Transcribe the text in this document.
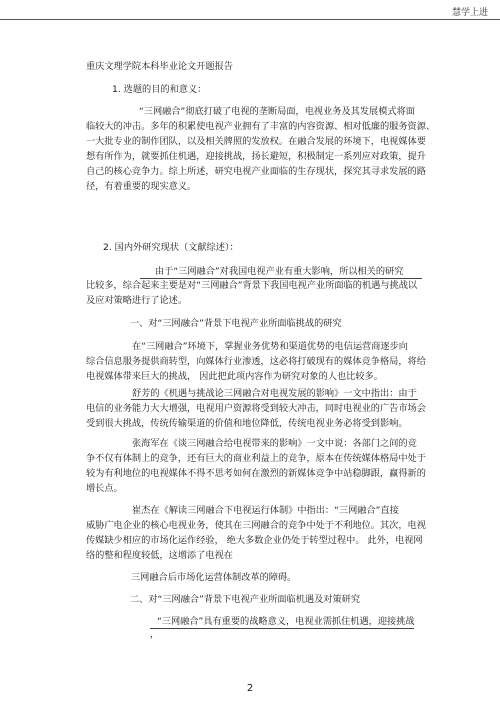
慧学上进
重庆文理学院本科毕业论文开题报告
1. 选题的目的和意义：
“三网融合”彻底打破了电视的垄断局面，电视业务及其发展模式将面
临较大的冲击。多年的积累使电视产业拥有了丰富的内容资源、相对低廉的服务资源、
一大批专业的制作团队，以及相关牌照的发放权。在融合发展的环境下，电视媒体要
想有所作为，就要抓住机遇，迎接挑战，扬长避短，积极制定一系列应对政策，提升
自己的核心竞争力。综上所述，研究电视产业面临的生存现状，探究其寻求发展的路
径，有着重要的现实意义。
2. 国内外研究现状（文献综述）：
由于“三网融合”对我国电视产业有重大影响，所以相关的研究
比较多，综合起来主要是对“三网融合”背景下我国电视产业所面临的机遇与挑战以
及应对策略进行了论述。
一、对“三网融合”背景下电视产业所面临挑战的研究
在“三网融合”环境下，掌握业务优势和渠道优势的电信运营商逐步向
综合信息服务提供商转型，向媒体行业渗透，这必将打破现有的媒体竞争格局，将给
电视媒体带来巨大的挑战， 因此把此项内容作为研究对象的人也比较多。
舒芳的《机遇与挑战论三网融合对电视发展的影响》一文中指出：由于
电信的业务能力大大增强，电视用户资源将受到较大冲击，同时电视业的广告市场会
受到很大挑战，传统传输渠道的价值和地位降低，传统电视业务必将受到影响。
张海军在《谈三网融合给电视带来的影响》一文中说：各部门之间的竞
争不仅有体制上的竞争，还有巨大的商业利益上的竞争，原本在传统媒体格局中处于
较为有利地位的电视媒体不得不思考如何在激烈的新媒体竞争中站稳脚跟，赢得新的
增长点。
崔杰在《解读三网融合下电视运行体制》中指出：“三网融合”直接
威胁广电企业的核心电视业务，使其在三网融合的竞争中处于不利地位。其次，电视
传媒缺少相应的市场化运作经验， 绝大多数企业仍处于转型过程中。 此外，电视网
络的整和程度较低，这增添了电视在
三网融合后市场化运营体制改革的障碍。
二、对“三网融合”背景下电视产业所面临机遇及对策研究
“三网融合”具有重要的战略意义，电视业需抓住机遇，迎接挑战
，
2
